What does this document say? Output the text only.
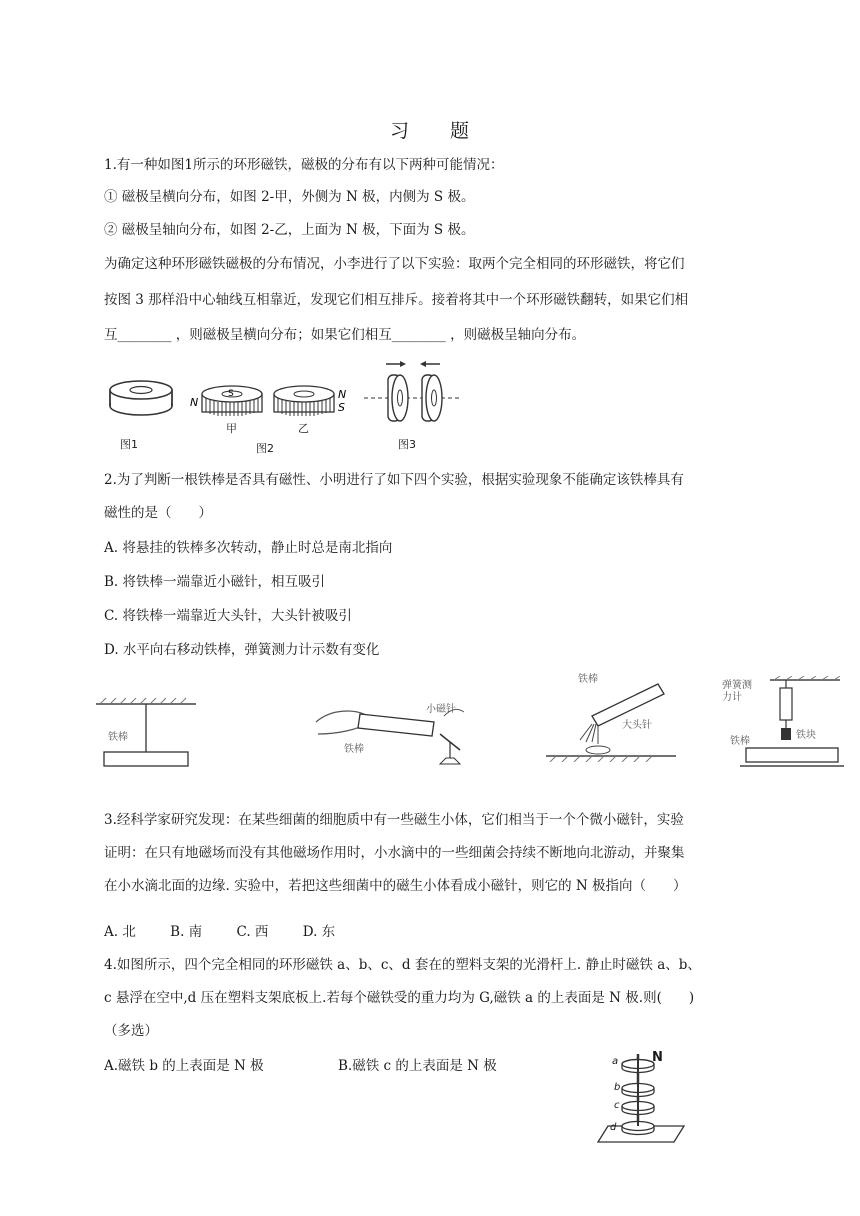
习　　题
1.有一种如图1所示的环形磁铁，磁极的分布有以下两种可能情况：
① 磁极呈横向分布，如图 2-甲，外侧为 N 极，内侧为 S 极。
② 磁极呈轴向分布，如图 2-乙，上面为 N 极，下面为 S 极。
为确定这种环形磁铁磁极的分布情况，小李进行了以下实验：取两个完全相同的环形磁铁，将它们
按图 3 那样沿中心轴线互相靠近，发现它们相互排斥。接着将其中一个环形磁铁翻转，如果它们相
互________ ，则磁极呈横向分布；如果它们相互________ ，则磁极呈轴向分布。
图1
S
N
N
S
甲	乙
图2	图3
2.为了判断一根铁棒是否具有磁性、小明进行了如下四个实验，根据实验现象不能确定该铁棒具有
磁性的是（　　）
A. 将悬挂的铁棒多次转动，静止时总是南北指向
B. 将铁棒一端靠近小磁针，相互吸引
C. 将铁棒一端靠近大头针，大头针被吸引
D. 水平向右移动铁棒，弹簧测力计示数有变化
铁棒
小磁针
铁棒
铁棒
大头针
弹簧测力计
铁块
铁棒
3.经科学家研究发现：在某些细菌的细胞质中有一些磁生小体，它们相当于一个个微小磁针，实验
证明：在只有地磁场而没有其他磁场作用时，小水滴中的一些细菌会持续不断地向北游动，并聚集
在小水滴北面的边缘. 实验中，若把这些细菌中的磁生小体看成小磁针，则它的 N 极指向（　　）
A. 北        B. 南        C. 西        D. 东
4.如图所示，四个完全相同的环形磁铁 a、b、c、d 套在的塑料支架的光滑杆上. 静止时磁铁 a、b、
c 悬浮在空中,d 压在塑料支架底板上.若每个磁铁受的重力均为 G,磁铁 a 的上表面是 N 极.则(　　)
（多选）
A.磁铁 b 的上表面是 N 极	B.磁铁 c 的上表面是 N 极	a	N
b
c
d
